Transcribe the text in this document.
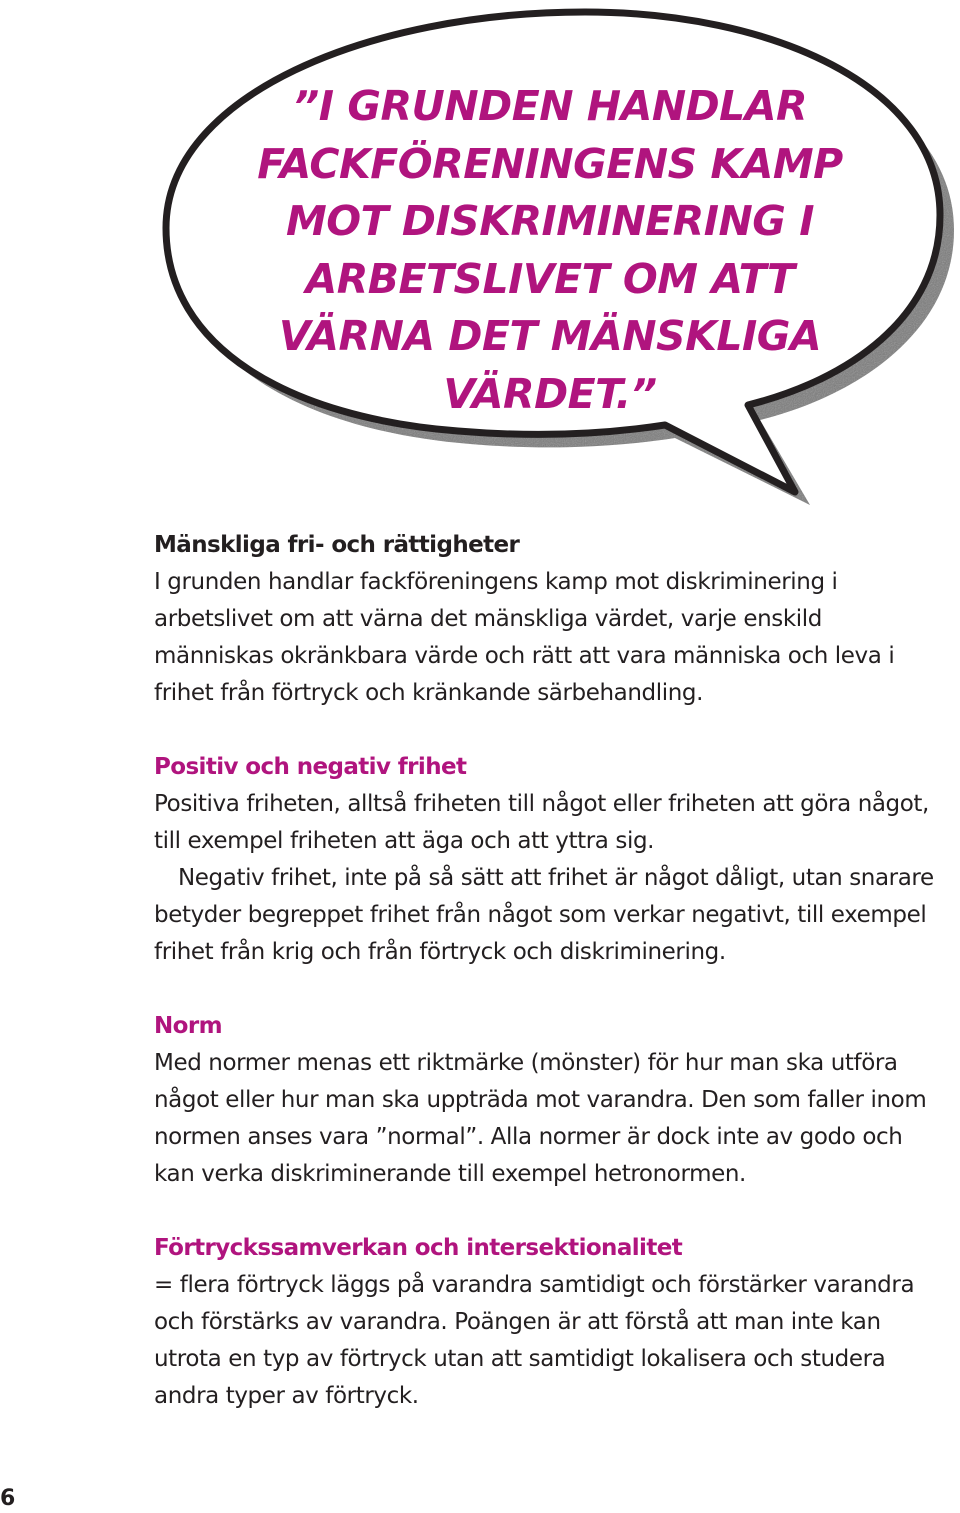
”I GRUNDEN HANDLAR FACKFÖRENINGENS KAMP MOT DISKRIMINERING I ARBETSLIVET OM ATT VÄRNA DET MÄNSKLIGA VÄRDET.”

Mänskliga fri- och rättigheter

I grunden handlar fackföreningens kamp mot diskriminering i arbetslivet om att värna det mänskliga värdet, varje enskild människas okränkbara värde och rätt att vara människa och leva i frihet från förtryck och kränkande särbehandling.

Positiv och negativ frihet

Positiva friheten, alltså friheten till något eller friheten att göra något, till exempel friheten att äga och att yttra sig.

Negativ frihet, inte på så sätt att frihet är något dåligt, utan snarare betyder begreppet frihet från något som verkar negativt, till exempel frihet från krig och från förtryck och diskriminering.

Norm

Med normer menas ett riktmärke (mönster) för hur man ska utföra något eller hur man ska uppträda mot varandra. Den som faller inom normen anses vara ”normal”. Alla normer är dock inte av godo och kan verka diskriminerande till exempel hetronormen.

Förtryckssamverkan och intersektionalitet

= flera förtryck läggs på varandra samtidigt och förstärker varandra och förstärks av varandra. Poängen är att förstå att man inte kan utrota en typ av förtryck utan att samtidigt lokalisera och studera andra typer av förtryck.

6
